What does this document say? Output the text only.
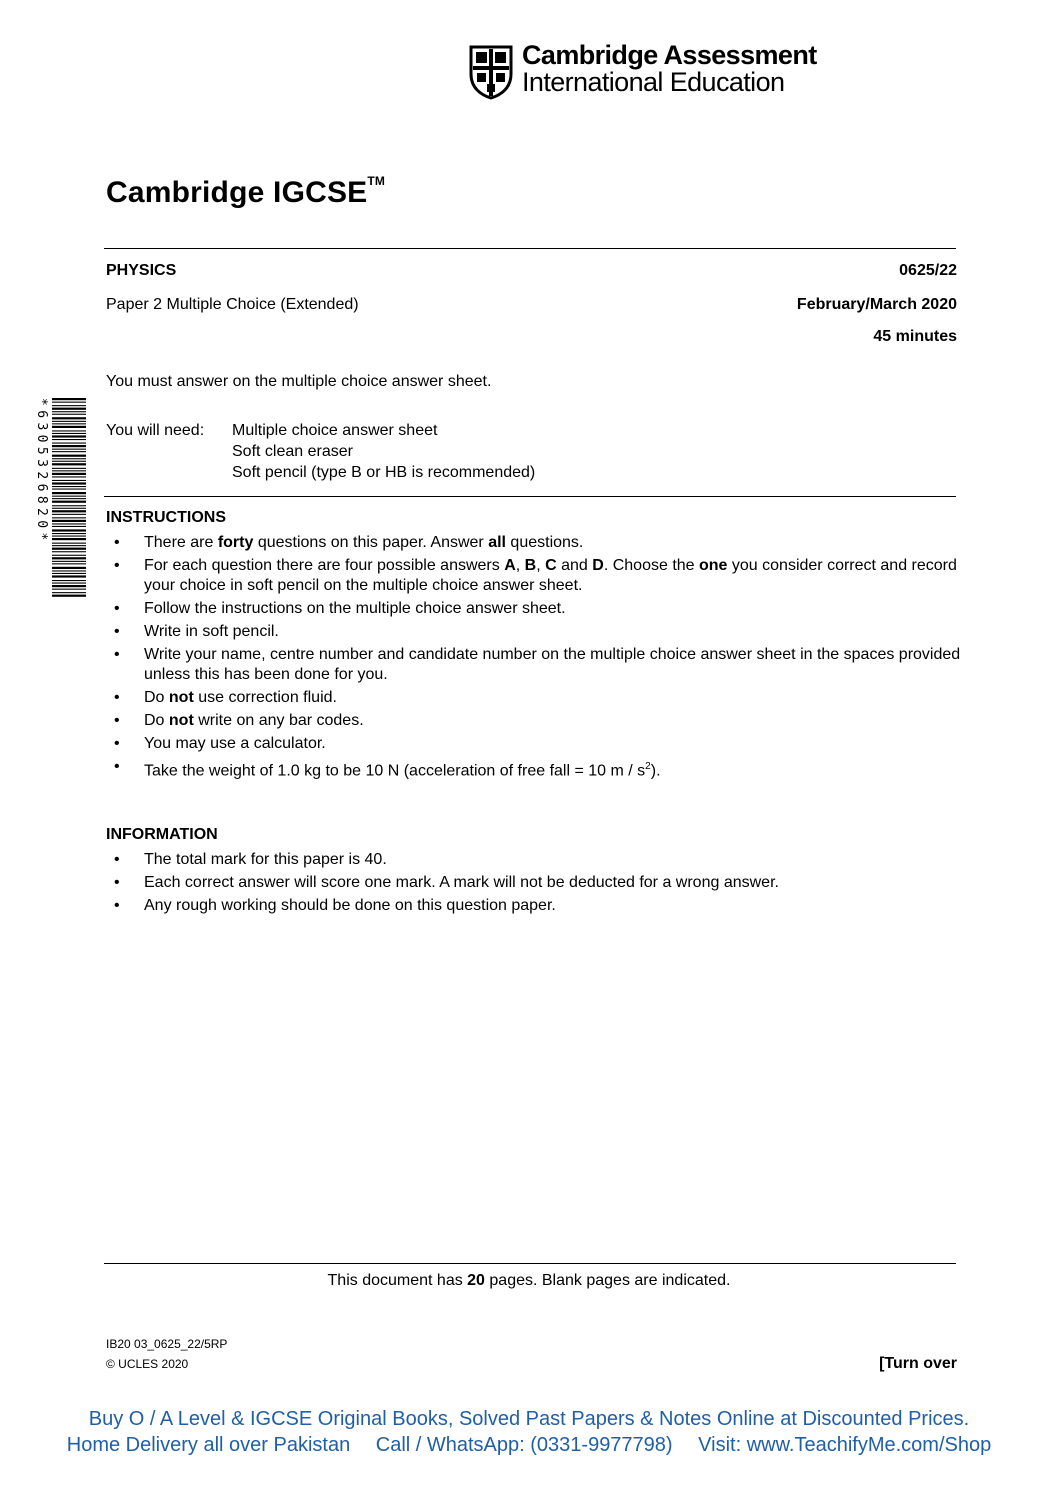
Cambridge Assessment
International Education
Cambridge IGCSE™
PHYSICS	0625/22
Paper 2 Multiple Choice (Extended)	February/March 2020
45 minutes
You must answer on the multiple choice answer sheet.
You will need: Multiple choice answer sheet
Soft clean eraser
Soft pencil (type B or HB is recommended)
*6305326820*	INSTRUCTIONS
• There are forty questions on this paper. Answer all questions.
• For each question there are four possible answers A, B, C and D. Choose the one you consider correct and record your choice in soft pencil on the multiple choice answer sheet.
• Follow the instructions on the multiple choice answer sheet.
• Write in soft pencil.
• Write your name, centre number and candidate number on the multiple choice answer sheet in the spaces provided unless this has been done for you.
• Do not use correction fluid.
• Do not write on any bar codes.
• You may use a calculator.
• Take the weight of 1.0 kg to be 10 N (acceleration of free fall = 10 m / $s^2$).
INFORMATION
• The total mark for this paper is 40.
• Each correct answer will score one mark. A mark will not be deducted for a wrong answer.
• Any rough working should be done on this question paper.
This document has 20 pages. Blank pages are indicated.
IB20 03_0625_22/5RP
© UCLES 2020	[Turn over
Buy O / A Level & IGCSE Original Books, Solved Past Papers & Notes Online at Discounted Prices.
Home Delivery all over Pakistan Call / WhatsApp: (0331-9977798) Visit: www.TeachifyMe.com/Shop
